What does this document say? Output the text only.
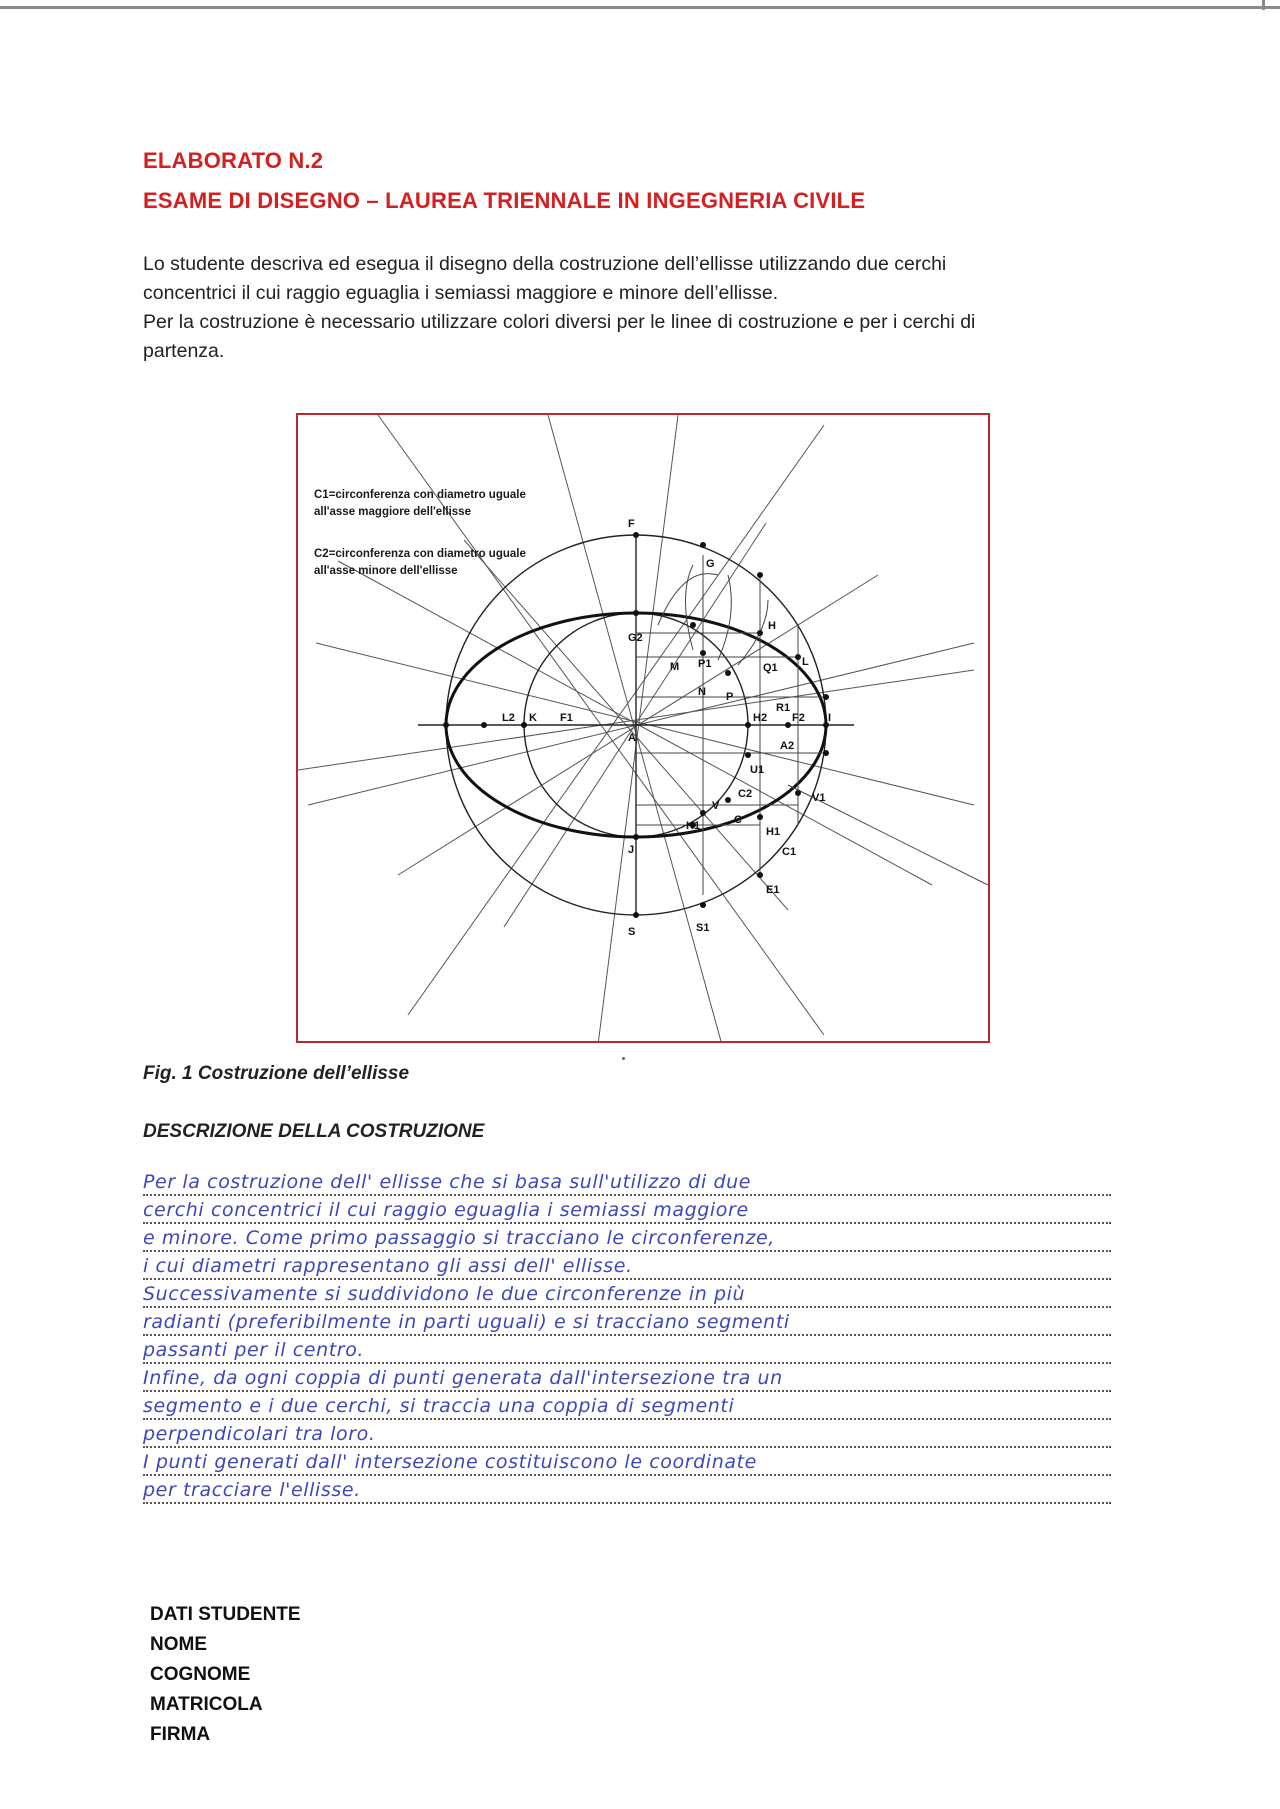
ELABORATO N.2
ESAME DI DISEGNO – LAUREA TRIENNALE IN INGEGNERIA CIVILE

Lo studente descriva ed esegua il disegno della costruzione dell’ellisse utilizzando due cerchi

concentrici il cui raggio eguaglia i semiassi maggiore e minore dell’ellisse.

Per la costruzione è necessario utilizzare colori diversi per le linee di costruzione e per i cerchi di

partenza.

F
G
H
G2
M P1	Q1 L
N P
R1
L2	F1
K
A
H2 F2 I
A2
U1
V1
C2
V
C
J
K1	H1
C1
E1
S1
S
C1=circonferenza con diametro uguale
all'asse maggiore dell'ellisse
C2=circonferenza con diametro uguale
all'asse minore dell'ellisse

Fig. 1 Costruzione dell’ellisse

DESCRIZIONE DELLA COSTRUZIONE

Per la costruzione dell' ellisse che si basa sull'utilizzo di due
cerchi concentrici il cui raggio eguaglia i semiassi maggiore
e minore. Come primo passaggio si tracciano le circonferenze,
i cui diametri rappresentano gli assi dell' ellisse.
Successivamente si suddividono le due circonferenze in più
radianti (preferibilmente in parti uguali) e si tracciano segmenti
passanti per il centro.
Infine, da ogni coppia di punti generata dall'intersezione tra un
segmento e i due cerchi, si traccia una coppia di segmenti
perpendicolari tra loro.
I punti generati dall' intersezione costituiscono le coordinate
per tracciare l'ellisse.
DATI STUDENTE
NOME
COGNOME
MATRICOLA
FIRMA
